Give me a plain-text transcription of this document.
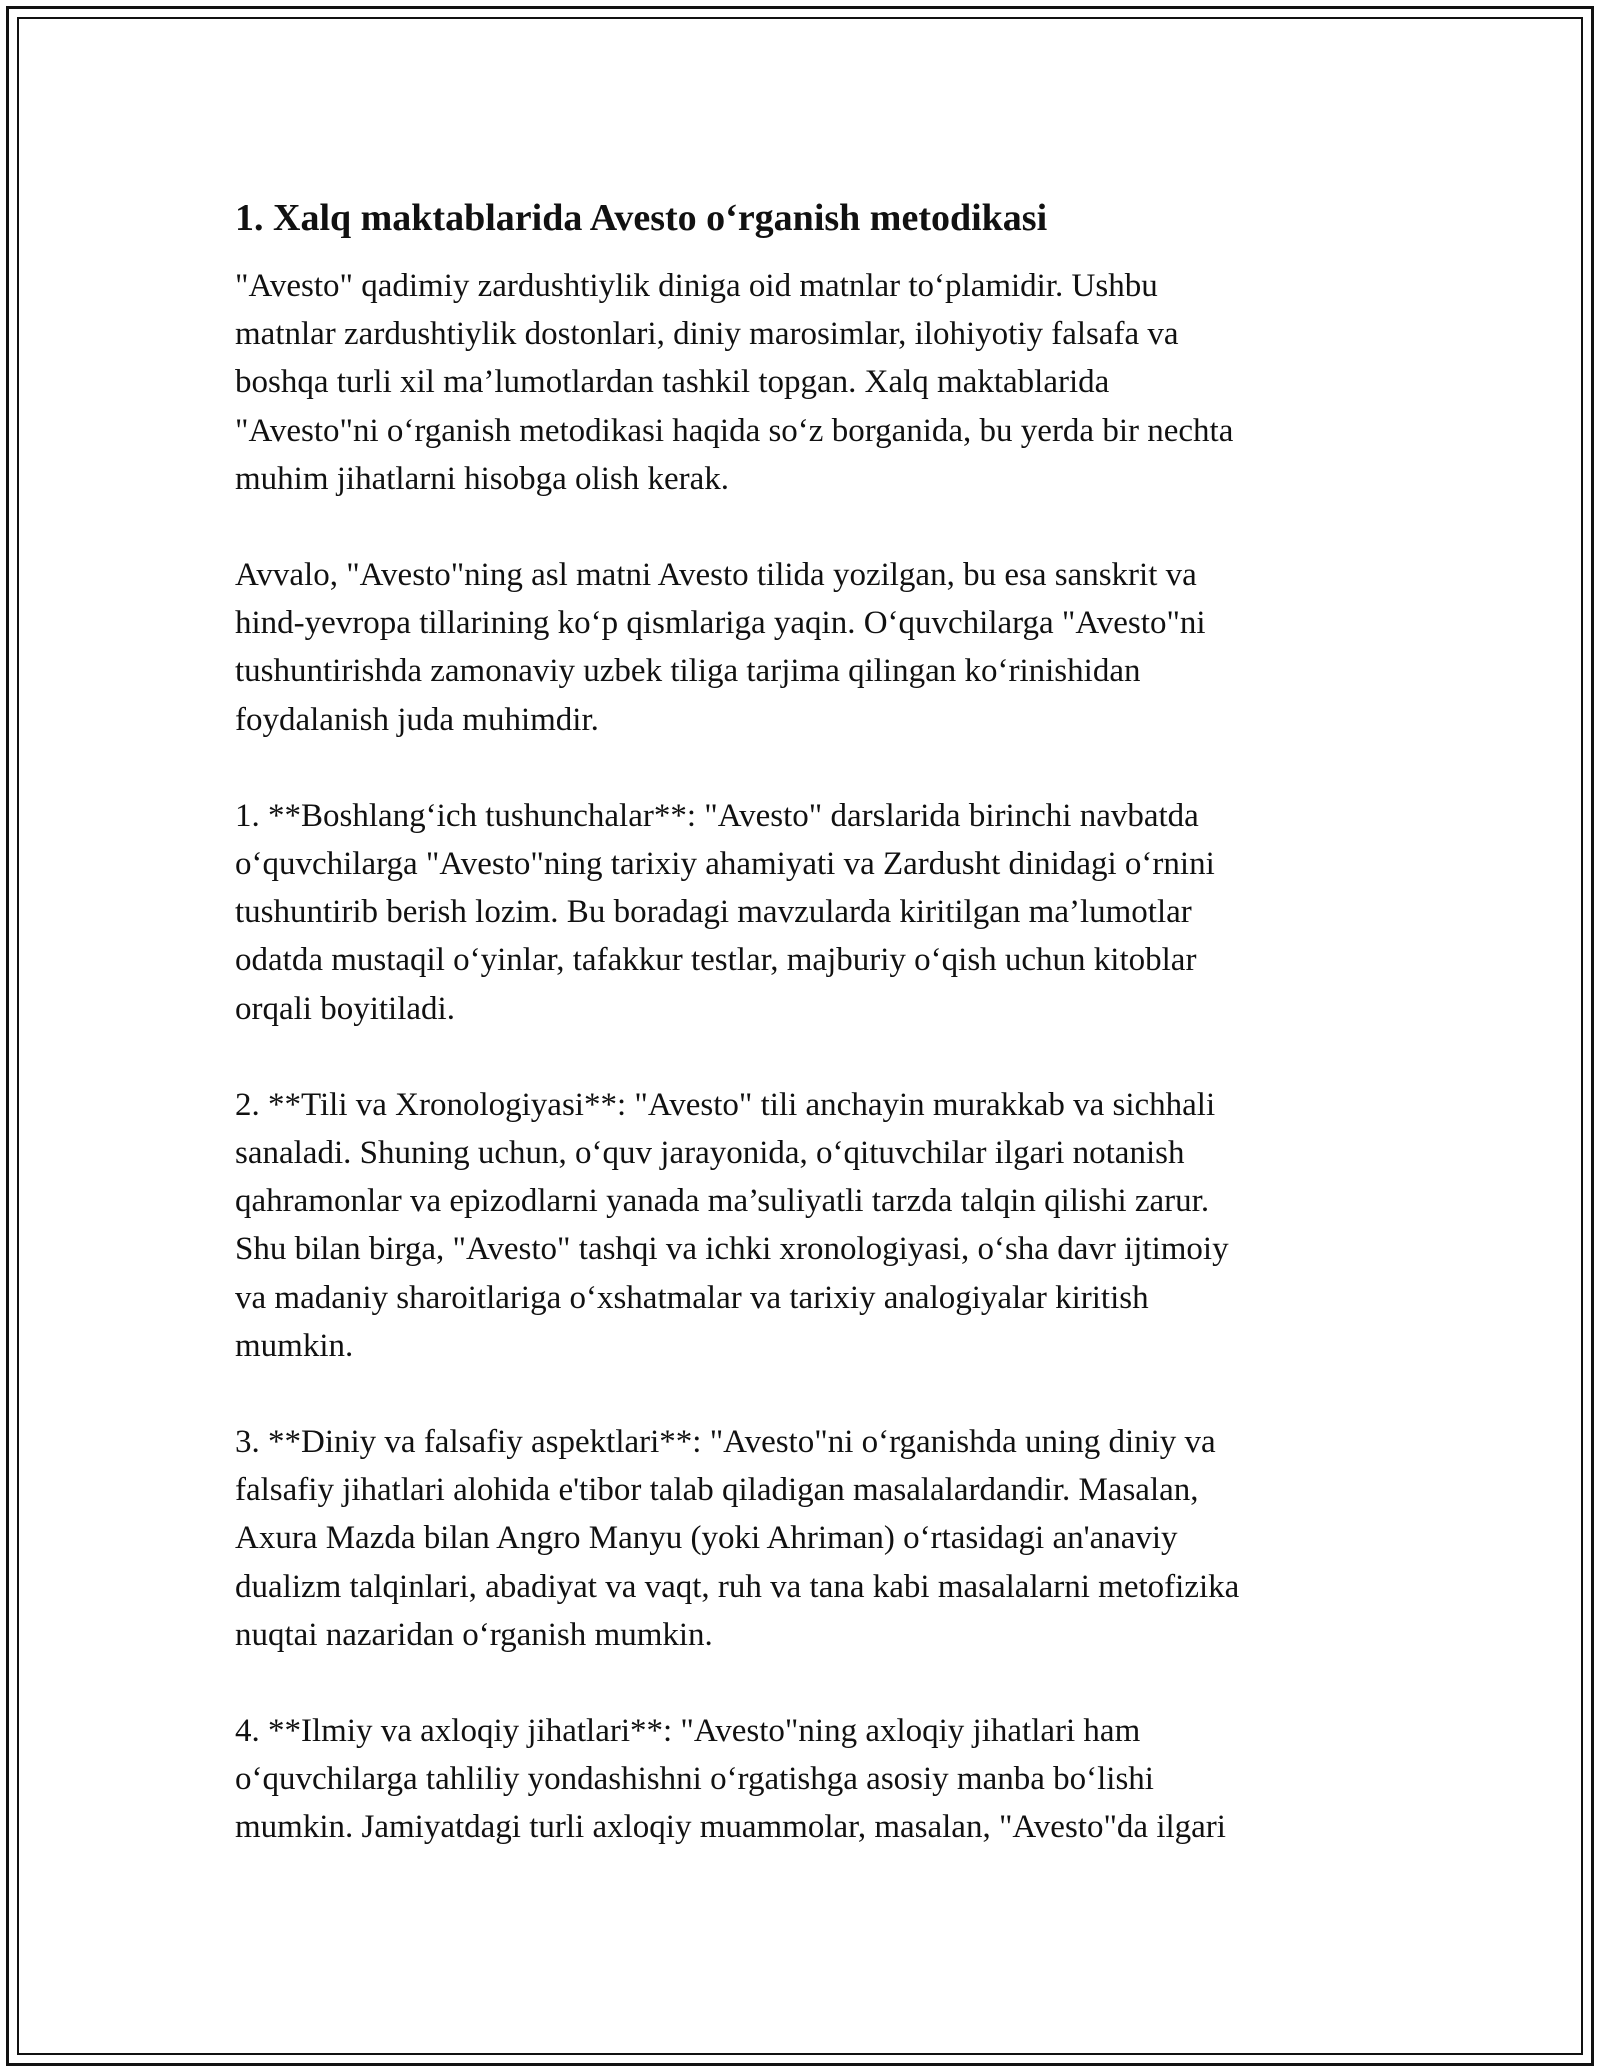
1. Xalq maktablarida Avesto o‘rganish metodikasi
"Avesto" qadimiy zardushtiylik diniga oid matnlar to‘plamidir. Ushbu
matnlar zardushtiylik dostonlari, diniy marosimlar, ilohiyotiy falsafa va
boshqa turli xil ma’lumotlardan tashkil topgan. Xalq maktablarida
"Avesto"ni o‘rganish metodikasi haqida so‘z borganida, bu yerda bir nechta
muhim jihatlarni hisobga olish kerak.
Avvalo, "Avesto"ning asl matni Avesto tilida yozilgan, bu esa sanskrit va
hind-yevropa tillarining ko‘p qismlariga yaqin. O‘quvchilarga "Avesto"ni
tushuntirishda zamonaviy uzbek tiliga tarjima qilingan ko‘rinishidan
foydalanish juda muhimdir.
1. **Boshlang‘ich tushunchalar**: "Avesto" darslarida birinchi navbatda
o‘quvchilarga "Avesto"ning tarixiy ahamiyati va Zardusht dinidagi o‘rnini
tushuntirib berish lozim. Bu boradagi mavzularda kiritilgan ma’lumotlar
odatda mustaqil o‘yinlar, tafakkur testlar, majburiy o‘qish uchun kitoblar
orqali boyitiladi.
2. **Tili va Xronologiyasi**: "Avesto" tili anchayin murakkab va sichhali
sanaladi. Shuning uchun, o‘quv jarayonida, o‘qituvchilar ilgari notanish
qahramonlar va epizodlarni yanada ma’suliyatli tarzda talqin qilishi zarur.
Shu bilan birga, "Avesto" tashqi va ichki xronologiyasi, o‘sha davr ijtimoiy
va madaniy sharoitlariga o‘xshatmalar va tarixiy analogiyalar kiritish
mumkin.
3. **Diniy va falsafiy aspektlari**: "Avesto"ni o‘rganishda uning diniy va
falsafiy jihatlari alohida e'tibor talab qiladigan masalalardandir. Masalan,
Axura Mazda bilan Angro Manyu (yoki Ahriman) o‘rtasidagi an'anaviy
dualizm talqinlari, abadiyat va vaqt, ruh va tana kabi masalalarni metofizika
nuqtai nazaridan o‘rganish mumkin.
4. **Ilmiy va axloqiy jihatlari**: "Avesto"ning axloqiy jihatlari ham
o‘quvchilarga tahliliy yondashishni o‘rgatishga asosiy manba bo‘lishi
mumkin. Jamiyatdagi turli axloqiy muammolar, masalan, "Avesto"da ilgari
